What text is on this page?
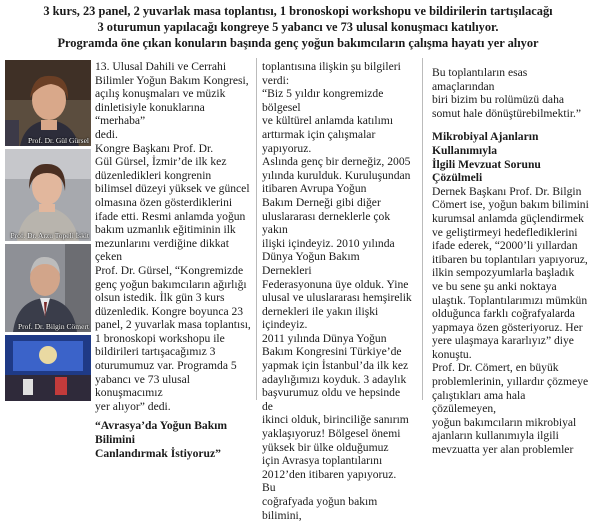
3 kurs, 23 panel, 2 yuvarlak masa toplantısı, 1 bronoskopi workshopu ve bildirilerin tartışılacağı
3 oturumun yapılacağı kongreye 5 yabancı ve 73 ulusal konuşmacı katılıyor.
Programda öne çıkan konuların başında genç yoğun bakımcıların çalışma hayatı yer alıyor
Prof. Dr. Gül Gürsel
Prof. Dr. Arzu Topeli İskit
Prof. Dr. Bilgin Cömert

13. Ulusal Dahili ve Cerrahi
Bilimler Yoğun Bakım Kongresi,
açılış konuşmaları ve müzik
dinletisiyle konuklarına “merhaba”
dedi.

Kongre Başkanı Prof. Dr.
Gül Gürsel, İzmir’de ilk kez
düzenledikleri kongrenin
bilimsel düzeyi yüksek ve güncel
olmasına özen gösterdiklerini
ifade etti. Resmi anlamda yoğun
bakım uzmanlık eğitiminin ilk
mezunlarını verdiğine dikkat çeken
Prof. Dr. Gürsel, “Kongremizde
genç yoğun bakımcıların ağırlığı
olsun istedik. İlk gün 3 kurs
düzenledik. Kongre boyunca 23
panel, 2 yuvarlak masa toplantısı,
1 bronoskopi workshopu ile
bildirileri tartışacağımız 3
oturumumuz var. Programda 5
yabancı ve 73 ulusal konuşmacımız
yer alıyor” dedi.

“Avrasya’da Yoğun Bakım Bilimini
Canlandırmak İstiyoruz”

toplantısına ilişkin şu bilgileri
verdi:
“Biz 5 yıldır kongremizde bölgesel
ve kültürel anlamda katılımı
arttırmak için çalışmalar yapıyoruz.
Aslında genç bir derneğiz, 2005
yılında kurulduk. Kuruluşundan
itibaren Avrupa Yoğun
Bakım Derneği gibi diğer
uluslararası derneklerle çok yakın
ilişki içindeyiz. 2010 yılında
Dünya Yoğun Bakım Dernekleri
Federasyonuna üye olduk. Yine
ulusal ve uluslararası hemşirelik
dernekleri ile yakın ilişki içindeyiz.
2011 yılında Dünya Yoğun
Bakım Kongresini Türkiye’de
yapmak için İstanbul’da ilk kez
adaylığımızı koyduk. 3 adaylık
başvurumuz oldu ve hepsinde de
ikinci olduk, birinciliğe sanırım
yaklaşıyoruz! Bölgesel önemi
yüksek bir ülke olduğumuz
için Avrasya toplantılarını
2012’den itibaren yapıyoruz. Bu
coğrafyada yoğun bakım bilimini,

Bu toplantıların esas amaçlarından
biri bizim bu rolümüzü daha
somut hale dönüştürebilmektir.”

Mikrobiyal Ajanların Kullanımıyla
İlgili Mevzuat Sorunu Çözülmeli

Dernek Başkanı Prof. Dr. Bilgin
Cömert ise, yoğun bakım bilimini
kurumsal anlamda güçlendirmek
ve geliştirmeyi hedeflediklerini
ifade ederek, “2000’li yıllardan
itibaren bu toplantıları yapıyoruz,
ilkin sempozyumlarla başladık
ve bu sene şu anki noktaya
ulaştık. Toplantılarımızı mümkün
olduğunca farklı coğrafyalarda
yapmaya özen gösteriyoruz. Her
yere ulaşmaya kararlıyız” diye
konuştu.

Prof. Dr. Cömert, en büyük
problemlerinin, yıllardır çözmeye
çalıştıkları ama hala çözülemeyen,
yoğun bakımcıların mikrobiyal
ajanların kullanımıyla ilgili
mevzuatta yer alan problemler
